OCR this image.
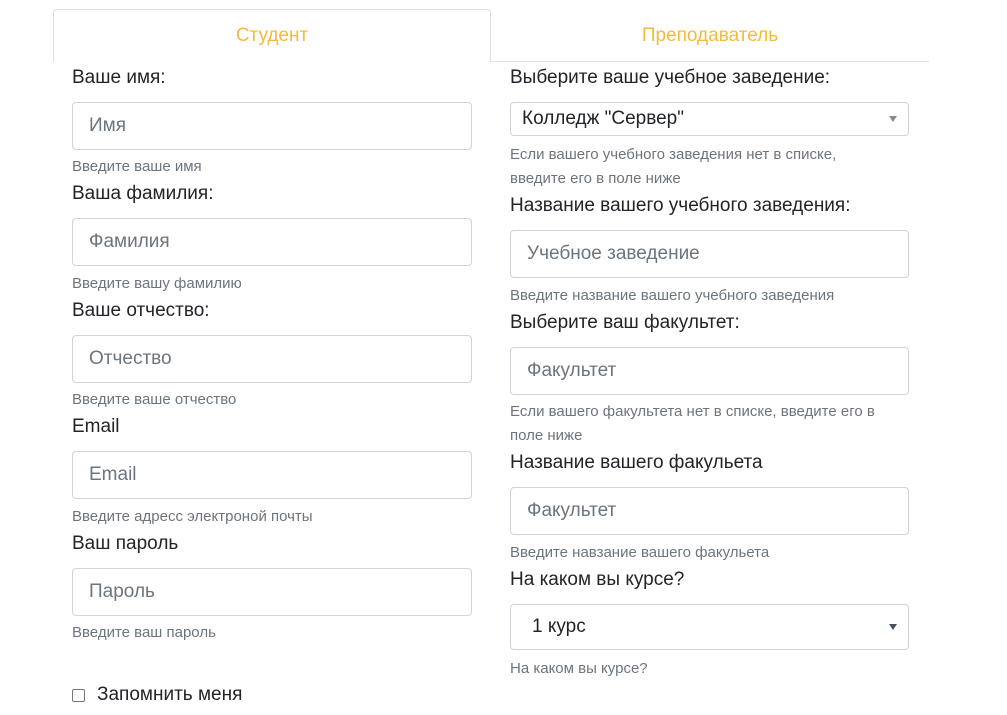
Студент	Преподаватель
Ваше имя:
Имя
Введите ваше имя
Ваша фамилия:
Фамилия
Введите вашу фамилию
Ваше отчество:
Отчество
Введите ваше отчество
Email
Email
Введите адресс электроной почты
Ваш пароль
Введите ваш пароль
Запомнить меня
Выберите ваше учебное заведение:
Колледж "Сервер"
Если вашего учебного заведения нет в списке,
введите его в поле ниже
Название вашего учебного заведения:
Учебное заведение
Введите название вашего учебного заведения
Выберите ваш факультет:
Факультет
Если вашего факультета нет в списке, введите его в
поле ниже
Название вашего факульета
Факультет
Введите навзание вашего факульета
На каком вы курсе?
1 курс
На каком вы курсе?
